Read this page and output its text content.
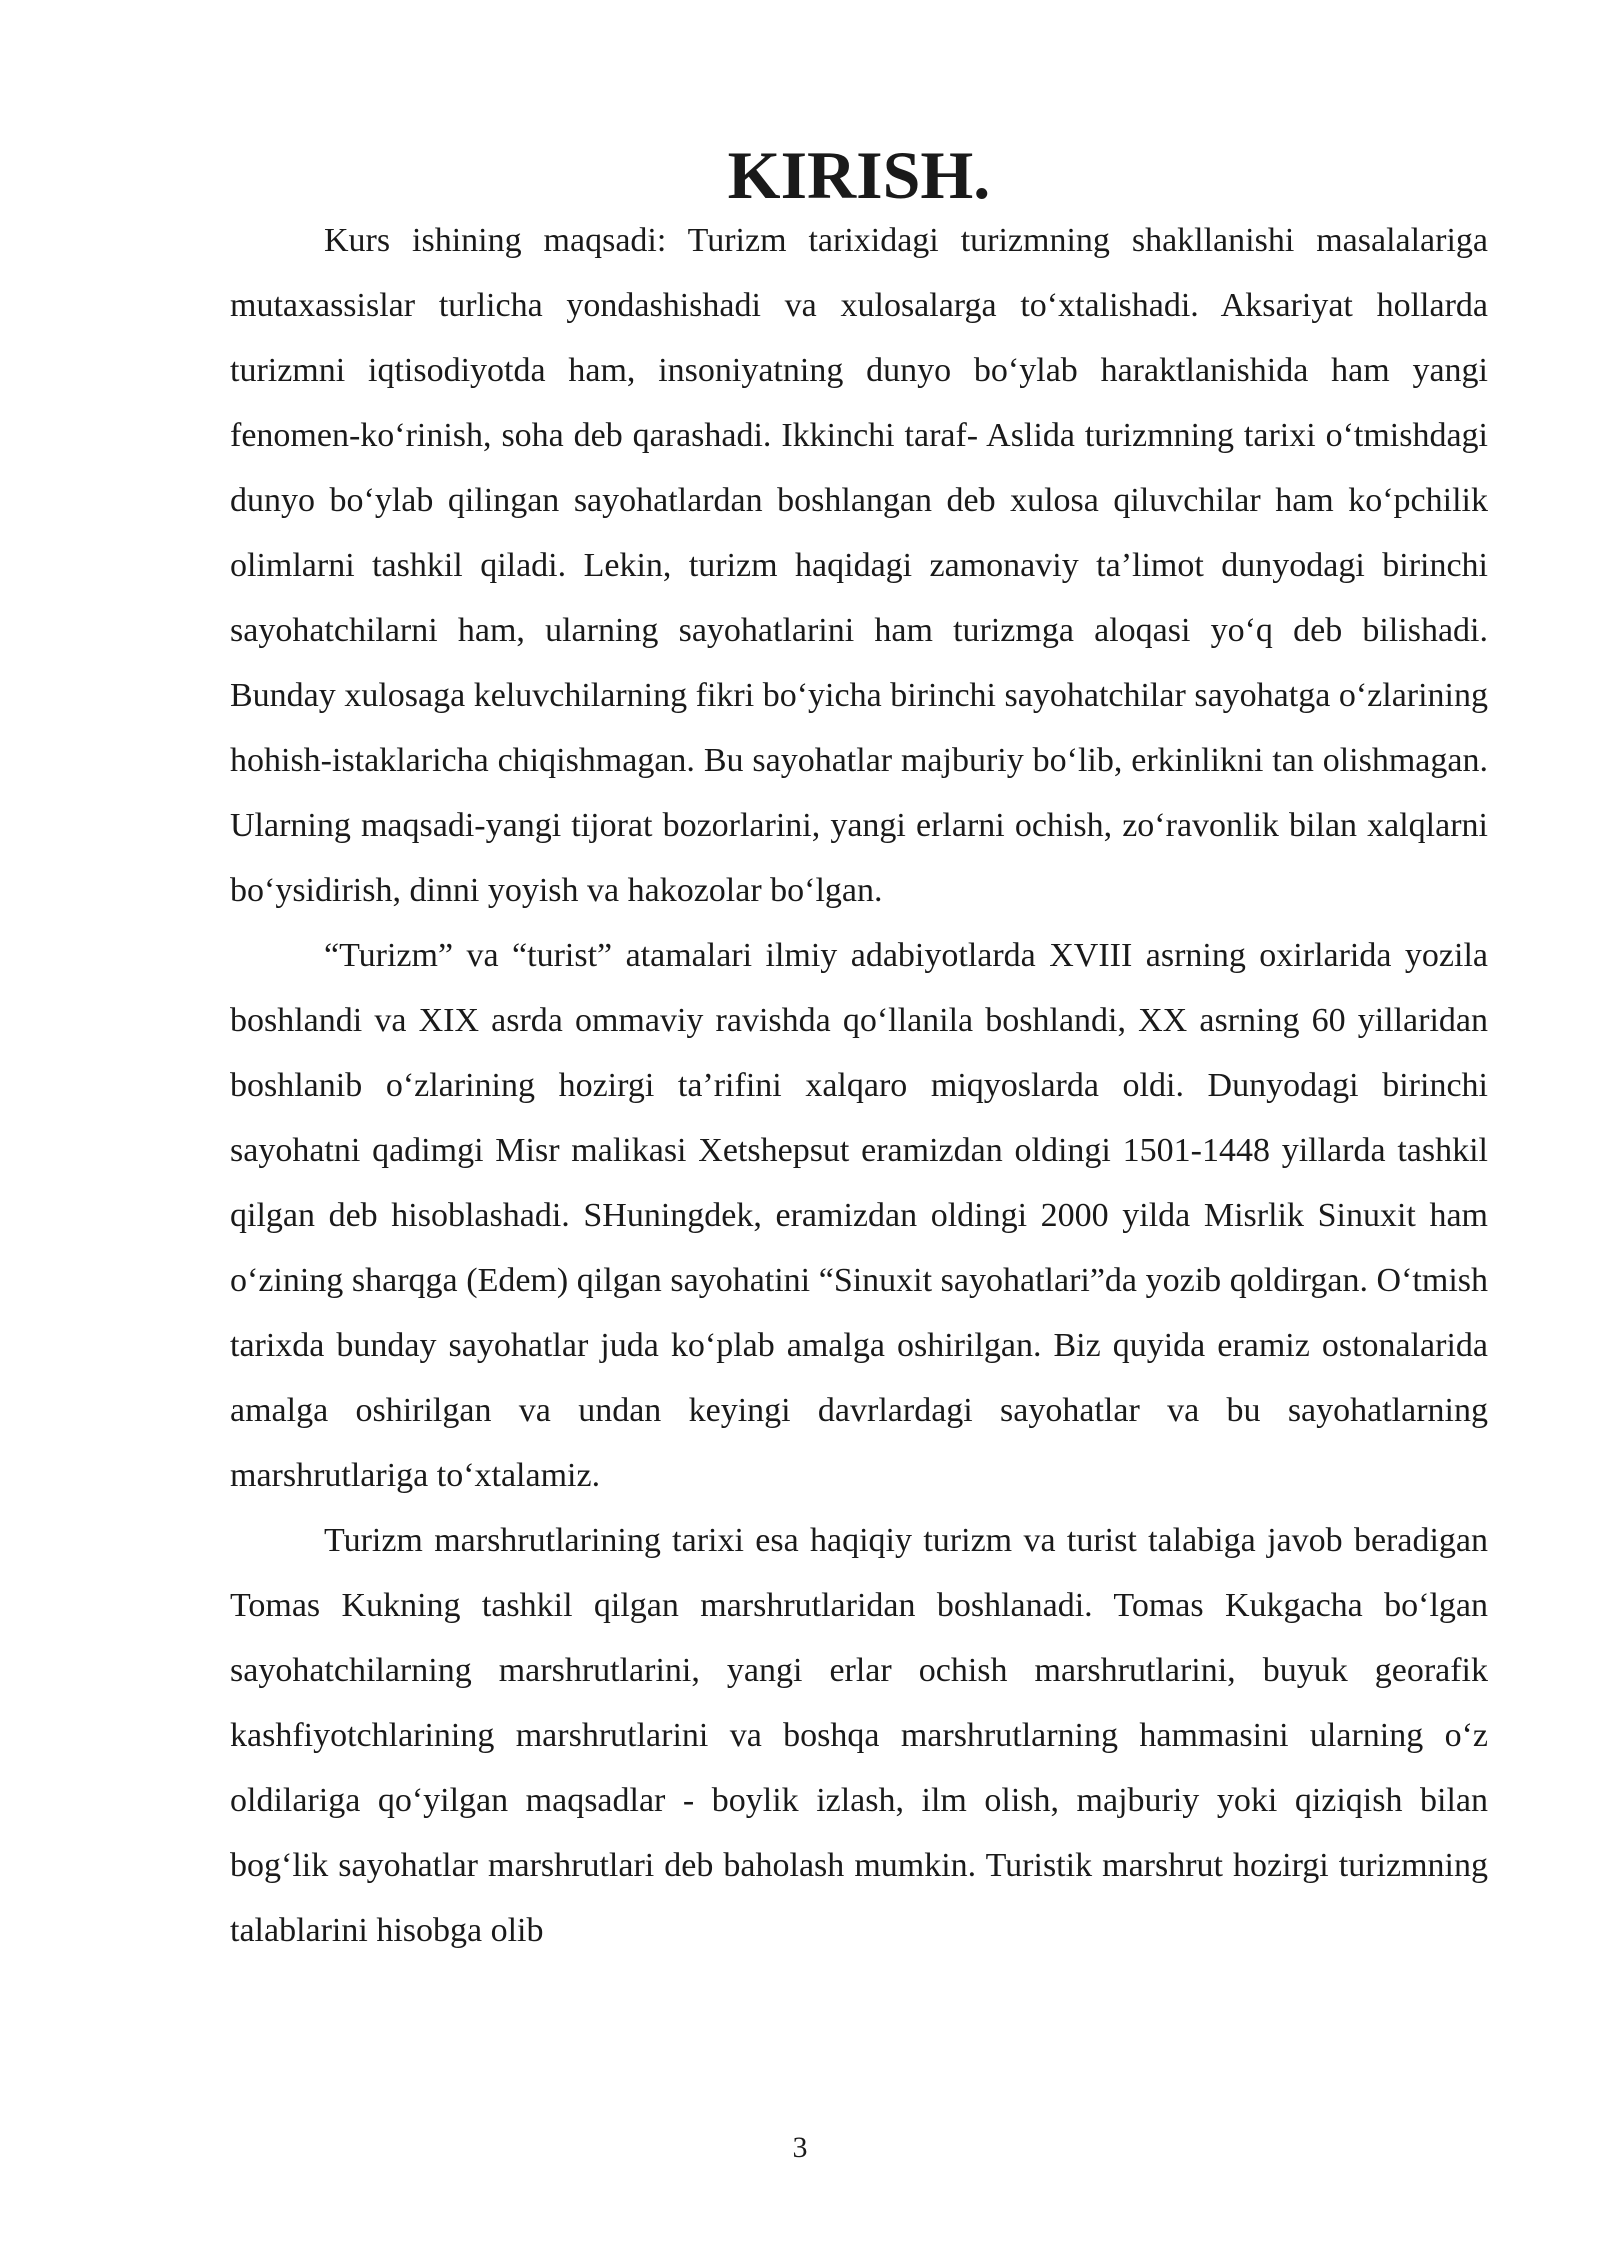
KIRISH.

Kurs ishining maqsadi: Turizm tarixidagi turizmning shakllanishi masalalariga mutaxassislar turlicha yondashishadi va xulosalarga to‘xtalishadi. Aksariyat hollarda turizmni iqtisodiyotda ham, insoniyatning dunyo bo‘ylab haraktlanishida ham yangi fenomen-ko‘rinish, soha deb qarashadi. Ikkinchi taraf- Aslida turizmning tarixi o‘tmishdagi dunyo bo‘ylab qilingan sayohatlardan boshlangan deb xulosa qiluvchilar ham ko‘pchilik olimlarni tashkil qiladi. Lekin, turizm haqidagi zamonaviy ta’limot dunyodagi birinchi sayohatchilarni ham, ularning sayohatlarini ham turizmga aloqasi yo‘q deb bilishadi. Bunday xulosaga keluvchilarning fikri bo‘yicha birinchi sayohatchilar sayohatga o‘zlarining hohish-istaklaricha chiqishmagan. Bu sayohatlar majburiy bo‘lib, erkinlikni tan olishmagan. Ularning maqsadi-yangi tijorat bozorlarini, yangi erlarni ochish, zo‘ravonlik bilan xalqlarni bo‘ysidirish, dinni yoyish va hakozolar bo‘lgan.

“Turizm” va “turist” atamalari ilmiy adabiyotlarda XVIII asrning oxirlarida yozila boshlandi va XIX asrda ommaviy ravishda qo‘llanila boshlandi, XX asrning 60 yillaridan boshlanib o‘zlarining hozirgi ta’rifini xalqaro miqyoslarda oldi. Dunyodagi birinchi sayohatni qadimgi Misr malikasi Xetshepsut eramizdan oldingi 1501-1448 yillarda tashkil qilgan deb hisoblashadi. SHuningdek, eramizdan oldingi 2000 yilda Misrlik Sinuxit ham o‘zining sharqga (Edem) qilgan sayohatini “Sinuxit sayohatlari”da yozib qoldirgan. O‘tmish tarixda bunday sayohatlar juda ko‘plab amalga oshirilgan. Biz quyida eramiz ostonalarida amalga oshirilgan va undan keyingi davrlardagi sayohatlar va bu sayohatlarning marshrutlariga to‘xtalamiz.

Turizm marshrutlarining tarixi esa haqiqiy turizm va turist talabiga javob beradigan Tomas Kukning tashkil qilgan marshrutlaridan boshlanadi. Tomas Kukgacha bo‘lgan sayohatchilarning marshrutlarini, yangi erlar ochish marshrutlarini, buyuk georafik kashfiyotchlarining marshrutlarini va boshqa marshrutlarning hammasini ularning o‘z oldilariga qo‘yilgan maqsadlar - boylik izlash, ilm olish, majburiy yoki qiziqish bilan bog‘lik sayohatlar marshrutlari deb baholash mumkin. Turistik marshrut hozirgi turizmning talablarini hisobga olib

3
